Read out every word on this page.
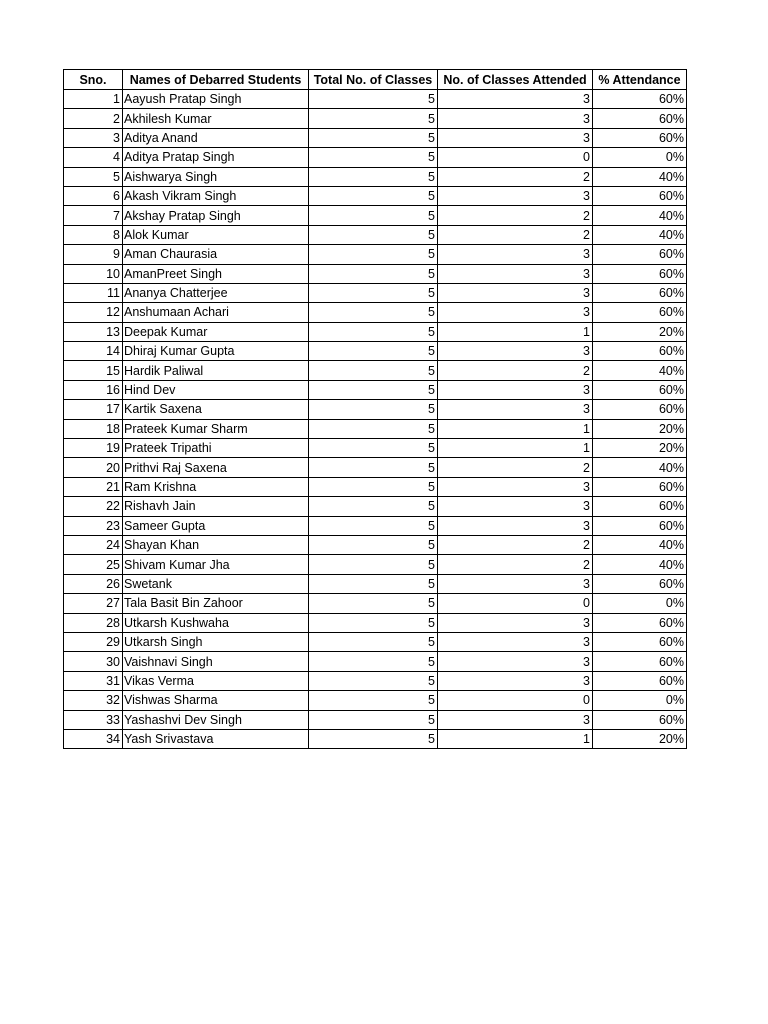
Sno.	Names of Debarred Students	Total No. of Classes	No. of Classes Attended	% Attendance
1	Aayush Pratap Singh	5	3	60%
2	Akhilesh Kumar	5	3	60%
3	Aditya Anand	5	3	60%
4	Aditya Pratap Singh	5	0	0%
5	Aishwarya Singh	5	2	40%
6	Akash Vikram Singh	5	3	60%
7	Akshay Pratap Singh	5	2	40%
8	Alok Kumar	5	2	40%
9	Aman Chaurasia	5	3	60%
10	AmanPreet Singh	5	3	60%
11	Ananya Chatterjee	5	3	60%
12	Anshumaan Achari	5	3	60%
13	Deepak Kumar	5	1	20%
14	Dhiraj Kumar Gupta	5	3	60%
15	Hardik Paliwal	5	2	40%
16	Hind Dev	5	3	60%
17	Kartik Saxena	5	3	60%
18	Prateek Kumar Sharm	5	1	20%
19	Prateek Tripathi	5	1	20%
20	Prithvi Raj Saxena	5	2	40%
21	Ram Krishna	5	3	60%
22	Rishavh Jain	5	3	60%
23	Sameer Gupta	5	3	60%
24	Shayan Khan	5	2	40%
25	Shivam Kumar Jha	5	2	40%
26	Swetank	5	3	60%
27	Tala Basit Bin Zahoor	5	0	0%
28	Utkarsh Kushwaha	5	3	60%
29	Utkarsh Singh	5	3	60%
30	Vaishnavi Singh	5	3	60%
31	Vikas Verma	5	3	60%
32	Vishwas Sharma	5	0	0%
33	Yashashvi Dev Singh	5	3	60%
34	Yash Srivastava	5	1	20%
